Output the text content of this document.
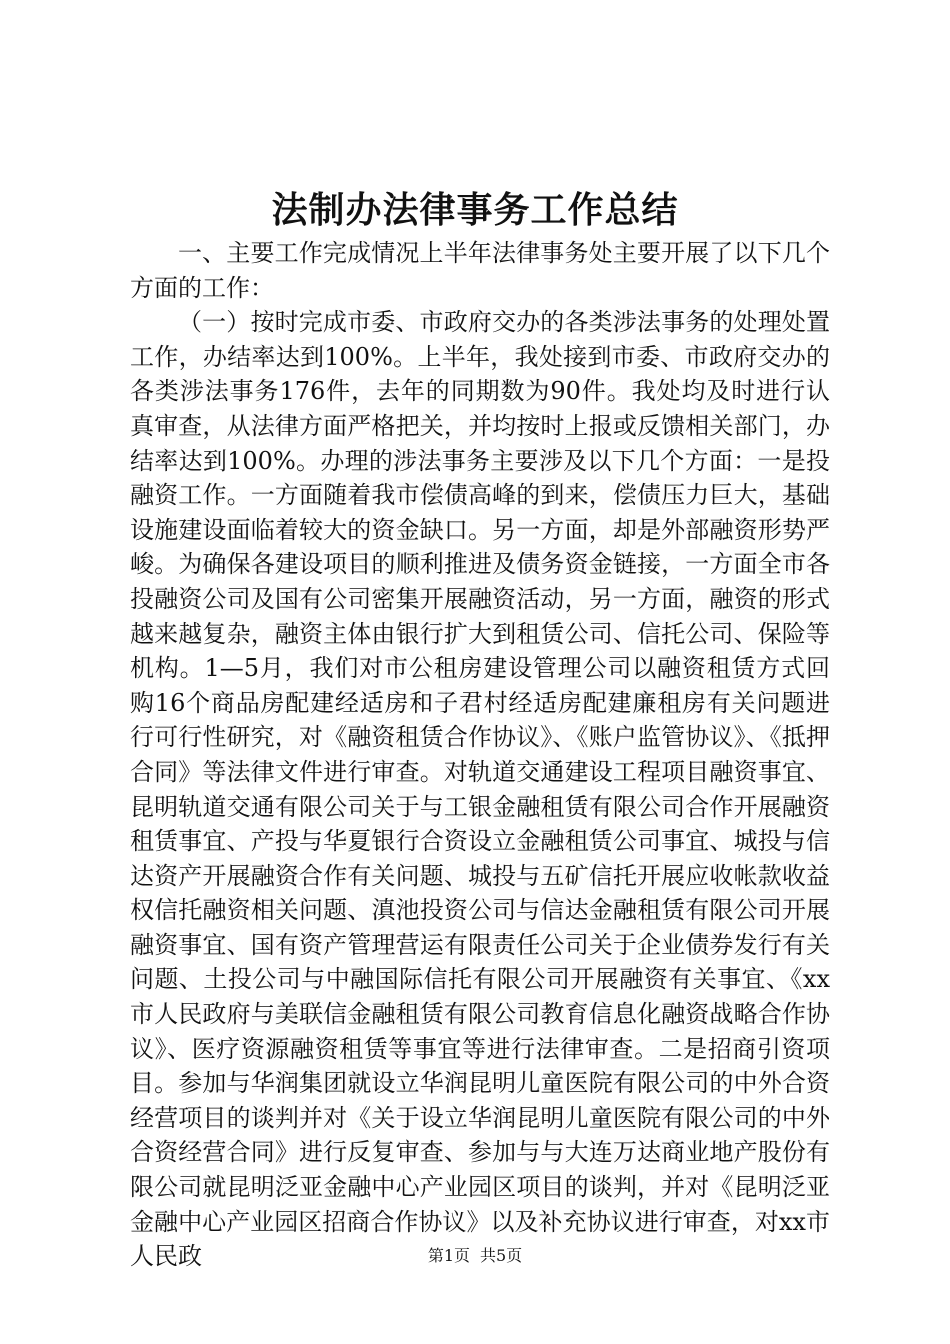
法制办法律事务工作总结

一、主要工作完成情况上半年法律事务处主要开展了以下几个方面的工作：

（一）按时完成市委、市政府交办的各类涉法事务的处理处置工作，办结率达到100%。上半年，我处接到市委、市政府交办的各类涉法事务176件，去年的同期数为90件。我处均及时进行认真审查，从法律方面严格把关，并均按时上报或反馈相关部门，办结率达到100%。办理的涉法事务主要涉及以下几个方面：一是投融资工作。一方面随着我市偿债高峰的到来，偿债压力巨大，基础设施建设面临着较大的资金缺口。另一方面，却是外部融资形势严峻。为确保各建设项目的顺利推进及债务资金链接，一方面全市各投融资公司及国有公司密集开展融资活动，另一方面，融资的形式越来越复杂，融资主体由银行扩大到租赁公司、信托公司、保险等机构。1—5月，我们对市公租房建设管理公司以融资租赁方式回购16个商品房配建经适房和子君村经适房配建廉租房有关问题进行可行性研究，对《融资租赁合作协议》、《账户监管协议》、《抵押合同》等法律文件进行审查。对轨道交通建设工程项目融资事宜、昆明轨道交通有限公司关于与工银金融租赁有限公司合作开展融资租赁事宜、产投与华夏银行合资设立金融租赁公司事宜、城投与信达资产开展融资合作有关问题、城投与五矿信托开展应收帐款收益权信托融资相关问题、滇池投资公司与信达金融租赁有限公司开展融资事宜、国有资产管理营运有限责任公司关于企业债券发行有关问题、土投公司与中融国际信托有限公司开展融资有关事宜、《xx市人民政府与美联信金融租赁有限公司教育信息化融资战略合作协议》、医疗资源融资租赁等事宜等进行法律审查。二是招商引资项目。参加与华润集团就设立华润昆明儿童医院有限公司的中外合资经营项目的谈判并对《关于设立华润昆明儿童医院有限公司的中外合资经营合同》进行反复审查、参加与与大连万达商业地产股份有限公司就昆明泛亚金融中心产业园区项目的谈判，并对《昆明泛亚金融中心产业园区招商合作协议》以及补充协议进行审查，对xx市人民政	第1页 共5页
